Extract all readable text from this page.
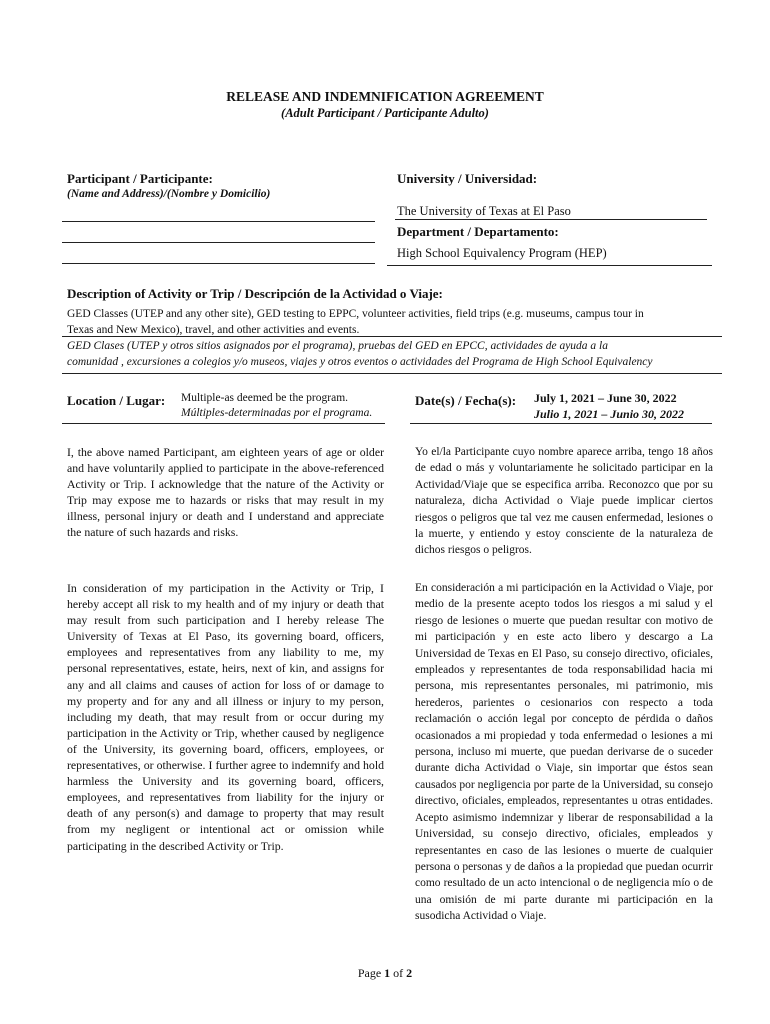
RELEASE AND INDEMNIFICATION AGREEMENT
(Adult Participant / Participante Adulto)
Participant / Participante:
(Name and Address)/(Nombre y Domicilio)
University / Universidad:
The University of Texas at El Paso
Department / Departamento:
High School Equivalency Program (HEP)
Description of Activity or Trip / Descripción de la Actividad o Viaje:
GED Classes (UTEP and any other site), GED testing to EPPC, volunteer activities, field trips (e.g. museums, campus tour in
Texas and New Mexico), travel, and other activities and events.
GED Clases (UTEP y otros sitios asignados por el programa), pruebas del GED en EPCC, actividades de ayuda a la
comunidad , excursiones a colegios y/o museos, viajes y otros eventos o actividades del Programa de High School Equivalency
Location / Lugar: Multiple-as deemed be the program.
Múltiples-determinadas por el programa.
Date(s) / Fecha(s): July 1, 2021 – June 30, 2022
Julio 1, 2021 – Junio 30, 2022
I, the above named Participant, am eighteen years of age or older and have voluntarily applied to participate in the above-referenced Activity or Trip. I acknowledge that the nature of the Activity or Trip may expose me to hazards or risks that may result in my illness, personal injury or death and I understand and appreciate the nature of such hazards and risks.
Yo el/la Participante cuyo nombre aparece arriba, tengo 18 años de edad o más y voluntariamente he solicitado participar en la Actividad/Viaje que se especifica arriba. Reconozco que por su naturaleza, dicha Actividad o Viaje puede implicar ciertos riesgos o peligros que tal vez me causen enfermedad, lesiones o la muerte, y entiendo y estoy consciente de la naturaleza de dichos riesgos o peligros.
In consideration of my participation in the Activity or Trip, I hereby accept all risk to my health and of my injury or death that may result from such participation and I hereby release The University of Texas at El Paso, its governing board, officers, employees and representatives from any liability to me, my personal representatives, estate, heirs, next of kin, and assigns for any and all claims and causes of action for loss of or damage to my property and for any and all illness or injury to my person, including my death, that may result from or occur during my participation in the Activity or Trip, whether caused by negligence of the University, its governing board, officers, employees, or representatives, or otherwise. I further agree to indemnify and hold harmless the University and its governing board, officers, employees, and representatives from liability for the injury or death of any person(s) and damage to property that may result from my negligent or intentional act or omission while participating in the described Activity or Trip.
En consideración a mi participación en la Actividad o Viaje, por medio de la presente acepto todos los riesgos a mi salud y el riesgo de lesiones o muerte que puedan resultar con motivo de mi participación y en este acto libero y descargo a La Universidad de Texas en El Paso, su consejo directivo, oficiales, empleados y representantes de toda responsabilidad hacia mi persona, mis representantes personales, mi patrimonio, mis herederos, parientes o cesionarios con respecto a toda reclamación o acción legal por concepto de pérdida o daños ocasionados a mi propiedad y toda enfermedad o lesiones a mi persona, incluso mi muerte, que puedan derivarse de o suceder durante dicha Actividad o Viaje, sin importar que éstos sean causados por negligencia por parte de la Universidad, su consejo directivo, oficiales, empleados, representantes u otras entidades. Acepto asimismo indemnizar y liberar de responsabilidad a la Universidad, su consejo directivo, oficiales, empleados y representantes en caso de las lesiones o muerte de cualquier persona o personas y de daños a la propiedad que puedan ocurrir como resultado de un acto intencional o de negligencia mío o de una omisión de mi parte durante mi participación en la susodicha Actividad o Viaje.
Page 1 of 2
